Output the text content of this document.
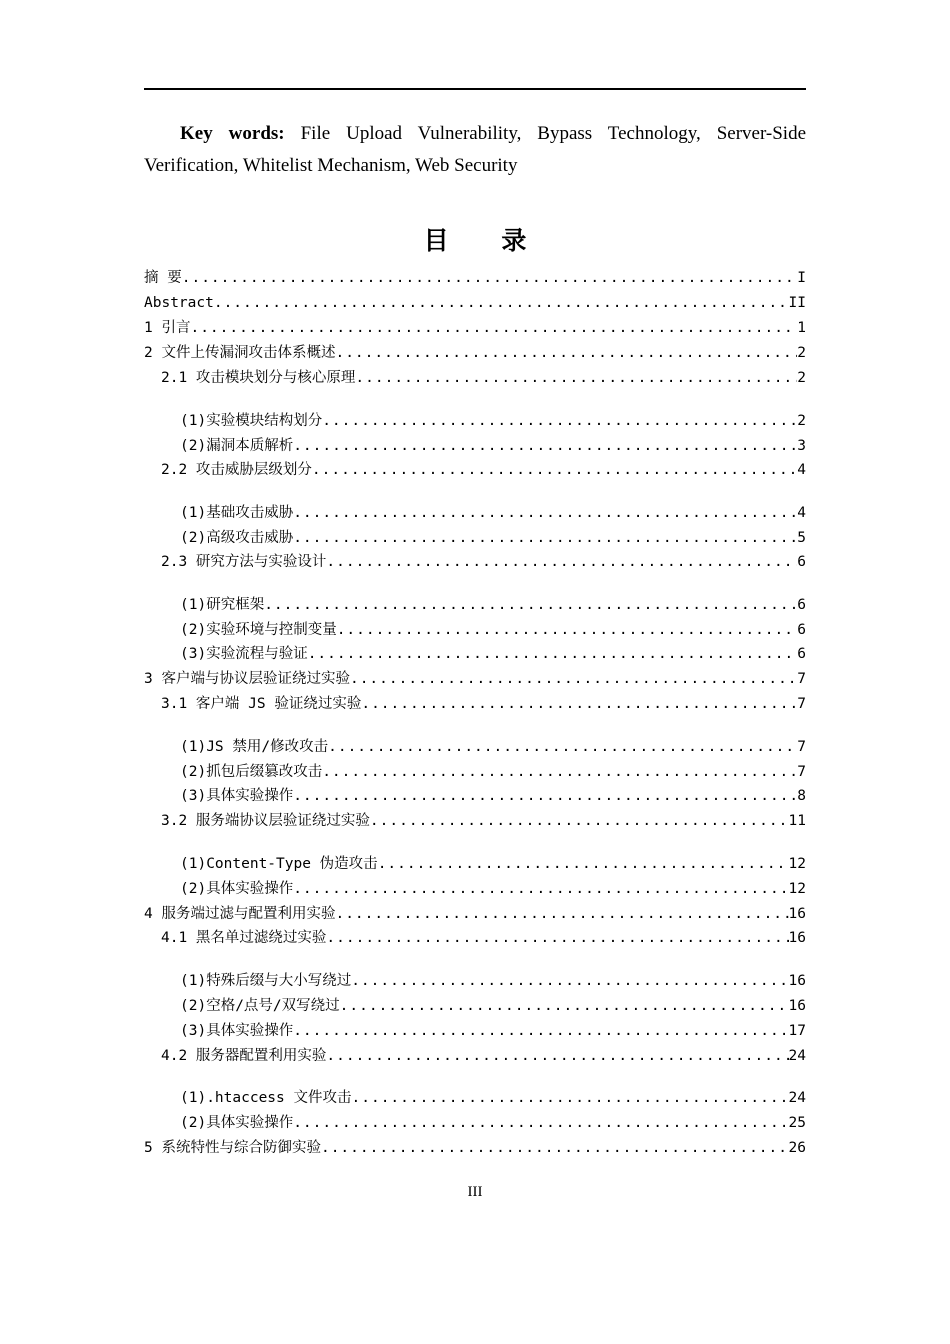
Key words: File Upload Vulnerability, Bypass Technology, Server-Side Verification, Whitelist Mechanism, Web Security

目 录
摘 要 .....	I
Abstract .....	II
1 引言 .....	1
2 文件上传漏洞攻击体系概述 .....	2
2.1 攻击模块划分与核心原理 .....	2
(1)实验模块结构划分 .....	2
(2)漏洞本质解析 .....	3
2.2 攻击威胁层级划分 .....	4
(1)基础攻击威胁 .....	4
(2)高级攻击威胁 .....	5
2.3 研究方法与实验设计 .....	6
(1)研究框架 .....	6
(2)实验环境与控制变量 .....	6
(3)实验流程与验证 .....	6
3 客户端与协议层验证绕过实验 .....	7
3.1 客户端 JS 验证绕过实验 .....	7
(1)JS 禁用/修改攻击 .....	7
(2)抓包后缀篡改攻击 .....	7
(3)具体实验操作 .....	8
3.2 服务端协议层验证绕过实验 .....	11
(1)Content-Type 伪造攻击 .....	12
(2)具体实验操作 .....	12
4 服务端过滤与配置利用实验 .....	16
4.1 黑名单过滤绕过实验 .....	16
(1)特殊后缀与大小写绕过 .....	16
(2)空格/点号/双写绕过 .....	16
(3)具体实验操作 .....	17
4.2 服务器配置利用实验 .....	24
(1).htaccess 文件攻击 .....	24
(2)具体实验操作 .....	25
5 系统特性与综合防御实验 .....	26
III
